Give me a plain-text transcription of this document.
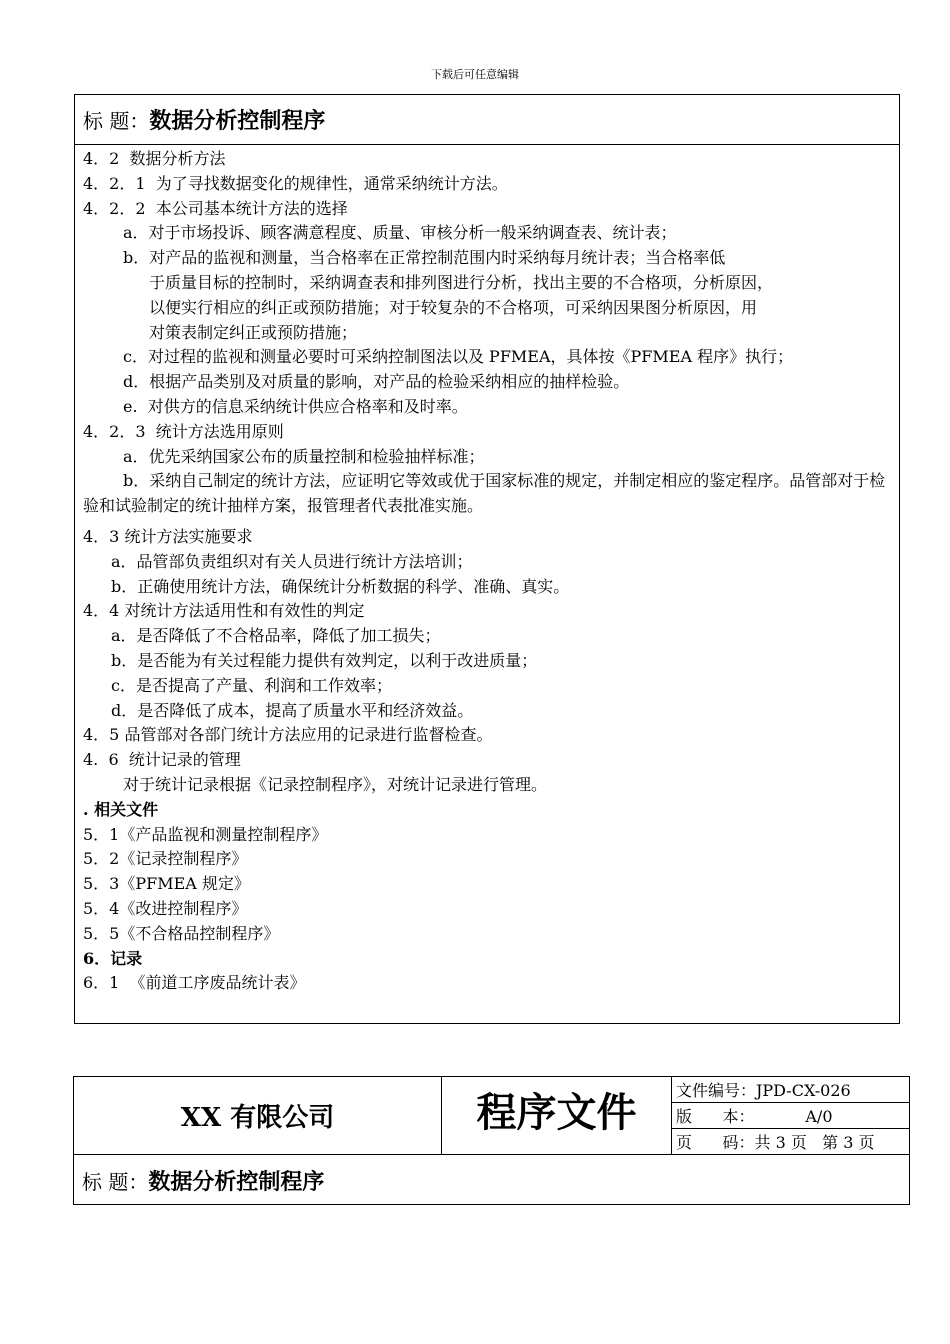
下载后可任意编辑
标 题： 数据分析控制程序
4．2  数据分析方法
4．2．1  为了寻找数据变化的规律性，通常采纳统计方法。
4．2．2  本公司基本统计方法的选择
a．对于市场投诉、顾客满意程度、质量、审核分析一般采纳调查表、统计表；
b．对产品的监视和测量，当合格率在正常控制范围内时采纳每月统计表；当合格率低
于质量目标的控制时，采纳调查表和排列图进行分析，找出主要的不合格项，分析原因，
以便实行相应的纠正或预防措施；对于较复杂的不合格项，可采纳因果图分析原因，用
对策表制定纠正或预防措施；
c．对过程的监视和测量必要时可采纳控制图法以及 PFMEA，具体按《PFMEA 程序》执行；
d．根据产品类别及对质量的影响，对产品的检验采纳相应的抽样检验。
e.  对供方的信息采纳统计供应合格率和及时率。
4．2．3  统计方法选用原则
a．优先采纳国家公布的质量控制和检验抽样标准；
b．采纳自己制定的统计方法，应证明它等效或优于国家标准的规定，并制定相应的鉴定程序。品管部对于检验和试验制定的统计抽样方案，报管理者代表批准实施。
4．3 统计方法实施要求
a．品管部负责组织对有关人员进行统计方法培训；
b．正确使用统计方法，确保统计分析数据的科学、准确、真实。
4．4 对统计方法适用性和有效性的判定
a．是否降低了不合格品率，降低了加工损失；
b．是否能为有关过程能力提供有效判定，以利于改进质量；
c．是否提高了产量、利润和工作效率；
d．是否降低了成本，提高了质量水平和经济效益。
4．5 品管部对各部门统计方法应用的记录进行监督检查。
4.  6  统计记录的管理
对于统计记录根据《记录控制程序》，对统计记录进行管理。
. 相关文件
5．1《产品监视和测量控制程序》
5．2《记录控制程序》
5．3《PFMEA 规定》
5．4《改进控制程序》
5．5《不合格品控制程序》
6．记录
6．1  《前道工序废品统计表》
XX 有限公司	程序文件	文件编号：JPD-CX-026
版      本：          A/0
页      码：共 3 页   第 3 页
标 题： 数据分析控制程序
